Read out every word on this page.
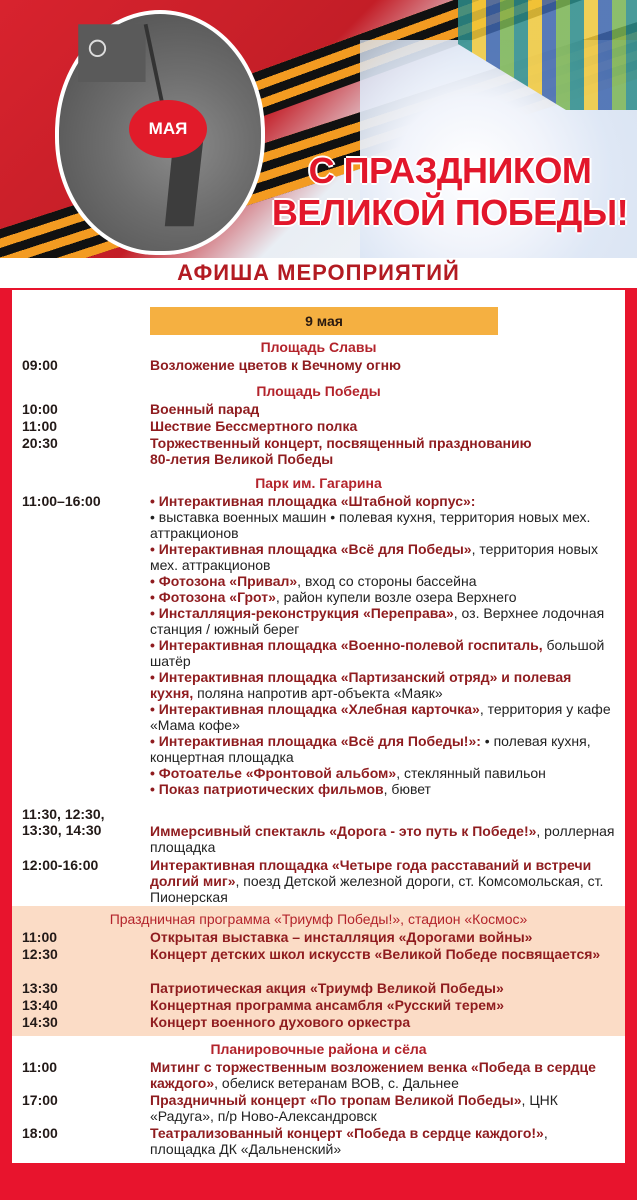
МАЯ
С ПРАЗДНИКОМ
ВЕЛИКОЙ ПОБЕДЫ!
АФИША МЕРОПРИЯТИЙ
9 мая
Площадь Славы
09:00	Возложение цветов к Вечному огню
Площадь Победы
10:00	Военный парад
11:00	Шествие Бессмертного полка
20:30	Торжественный концерт, посвященный празднованию
80-летия Великой Победы
Парк им. Гагарина
11:00–16:00	• Интерактивная площадка «Штабной корпус»:
• выставка военных машин • полевая кухня, территория новых мех. аттракционов
• Интерактивная площадка «Всё для Победы», территория новых мех. аттракционов
• Фотозона «Привал», вход со стороны бассейна
• Фотозона «Грот», район купели возле озера Верхнего
• Инсталляция-реконструкция «Переправа», оз. Верхнее лодочная станция / южный берег
• Интерактивная площадка «Военно-полевой госпиталь, большой шатёр
• Интерактивная площадка «Партизанский отряд» и полевая кухня, поляна напротив арт-объекта «Маяк»
• Интерактивная площадка «Хлебная карточка», территория у кафе «Мама кофе»
• Интерактивная площадка «Всё для Победы!»: • полевая кухня, концертная площадка
• Фотоателье «Фронтовой альбом», стеклянный павильон
• Показ патриотических фильмов, бювет
11:30, 12:30,
13:30, 14:30	Иммерсивный спектакль «Дорога - это путь к Победе!», роллерная площадка
12:00-16:00	Интерактивная площадка «Четыре года расставаний и встречи долгий миг», поезд Детской железной дороги, ст. Комсомольская, ст. Пионерская
Праздничная программа «Триумф Победы!», стадион «Космос»
11:00	Открытая выставка – инсталляция «Дорогами войны»
12:30	Концерт детских школ искусств «Великой Победе посвящается»
13:30	Патриотическая акция «Триумф Великой Победы»
13:40	Концертная программа ансамбля «Русский терем»
14:30	Концерт военного духового оркестра
Планировочные района и сёла
11:00	Митинг с торжественным возложением венка «Победа в сердце каждого», обелиск ветеранам ВОВ, с. Дальнее
17:00	Праздничный концерт «По тропам Великой Победы», ЦНК «Радуга», п/р Ново-Александровск
18:00	Театрализованный концерт «Победа в сердце каждого!», площадка ДК «Дальненский»
